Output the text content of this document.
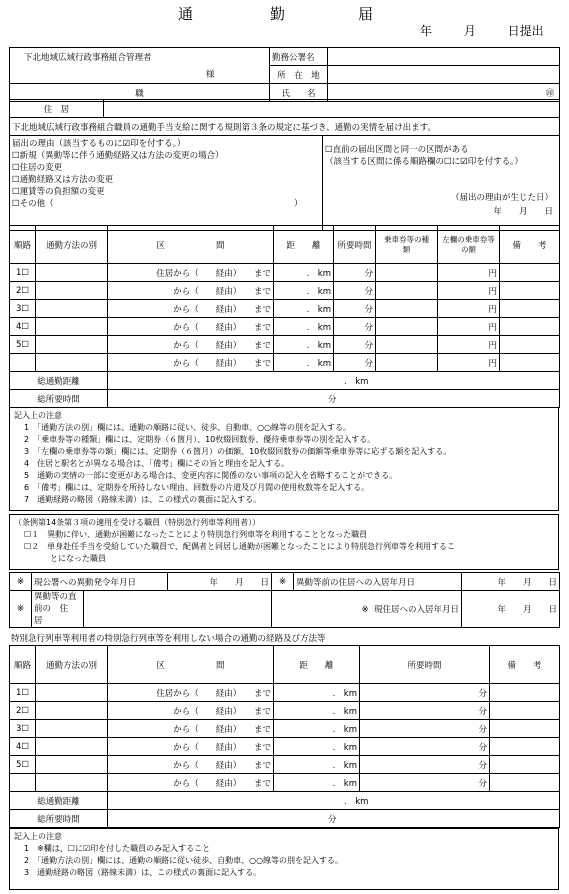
通	勤	届
年	月	日提出
下北地域広域行政事務組合管理者
様	勤務公署名	
	所　在　地	
職	氏　　名	㊞
住　居	
下北地域広域行政事務組合職員の通勤手当支給に関する規則第３条の規定に基づき、通勤の実情を届け出ます。
届出の理由（該当するものに☑印を付する。）
☐新規（異動等に伴う通勤経路又は方法の変更の場合）
☐住居の変更
☐通勤経路又は方法の変更
☐運賃等の負担額の変更
☐その他（	）

☐直前の届出区間と同一の区間がある
（該当する区間に係る順路欄の☐に☑印を付する。）
（届出の理由が生じた日）
年　　月　　日
順路	通勤方法の別	区　　　　　　間	距　　離	所要時間	乗車券等の種　　類	左欄の乗車券等の額	備　　考
1☐		住居から（　　経由）　　まで	.　km	分		円	
2☐		から（　　経由）　　まで	.　km	分		円	
3☐		から（　　経由）　　まで	.　km	分		円	
4☐		から（　　経由）　　まで	.　km	分		円	
5☐		から（　　経由）　　まで	.　km	分		円	
		から（　　経由）　　まで	.　km	分		円	
総通勤距離		.　km					
総所要時間		分					
記入上の注意
1　「通勤方法の別」欄には、通勤の順路に従い、徒歩、自動車、○○線等の別を記入する。
2　「乗車券等の種類」欄には、定期券（６箇月）、10枚綴回数券、優待乗車券等の別を記入する。
3　「左欄の乗車券等の額」欄には、定期券（６箇月）の価額、10枚綴回数券の価額等乗車券等に応ずる額を記入する。
4　住居と駅名とが異なる場合は、「備考」欄にその旨と理由を記入する。
5　通勤の実情の一部に変更がある場合は、変更内容に関係のない事項の記入を省略することができる。
6　「備考」欄には、定期券を所持しない理由、回数券の片道及び月間の使用枚数等を記入する。
7　通勤経路の略図（路線未満）は、この様式の裏面に記入する。
（条例第14条第３項の適用を受ける職員（特別急行列車等利用者））
☐１　異動に伴い、通勤が困難になったことにより特別急行列車等を利用することとなった職員
☐２　単身赴任手当を受給していた職員で、配偶者と同居し通勤が困難となったことにより特別急行列車等を利用するこ
とになった職員
※	現公署への異動発令年月日		年　　月　　日	※	異動等前の住居への入居年月日	年　　月　　日
※	異動等の直前の　住　居			※ 現住居への入居年月日		年　　月　　日
特別急行列車等利用者の特別急行列車等を利用しない場合の通勤の経路及び方法等
順路	通勤方法の別	区　　　　　　間	距　　離	所要時間	備　　考
1☐		住居から（　　経由）　　まで	.　km	分	
2☐		から（　　経由）　　まで	.　km	分	
3☐		から（　　経由）　　まで	.　km	分	
4☐		から（　　経由）　　まで	.　km	分	
5☐		から（　　経由）　　まで	.　km	分	
		から（　　経由）　　まで	.　km	分	
総通勤距離		.　km			
総所要時間		分			
記入上の注意
1　※欄は、☐に☑印を付した職員のみ記入すること
2　「通勤方法の別」欄には、通勤の順路に従い徒歩、自動車、○○線等の別を記入する。
3　通勤経路の略図（路線未満）は、この様式の裏面に記入する。
